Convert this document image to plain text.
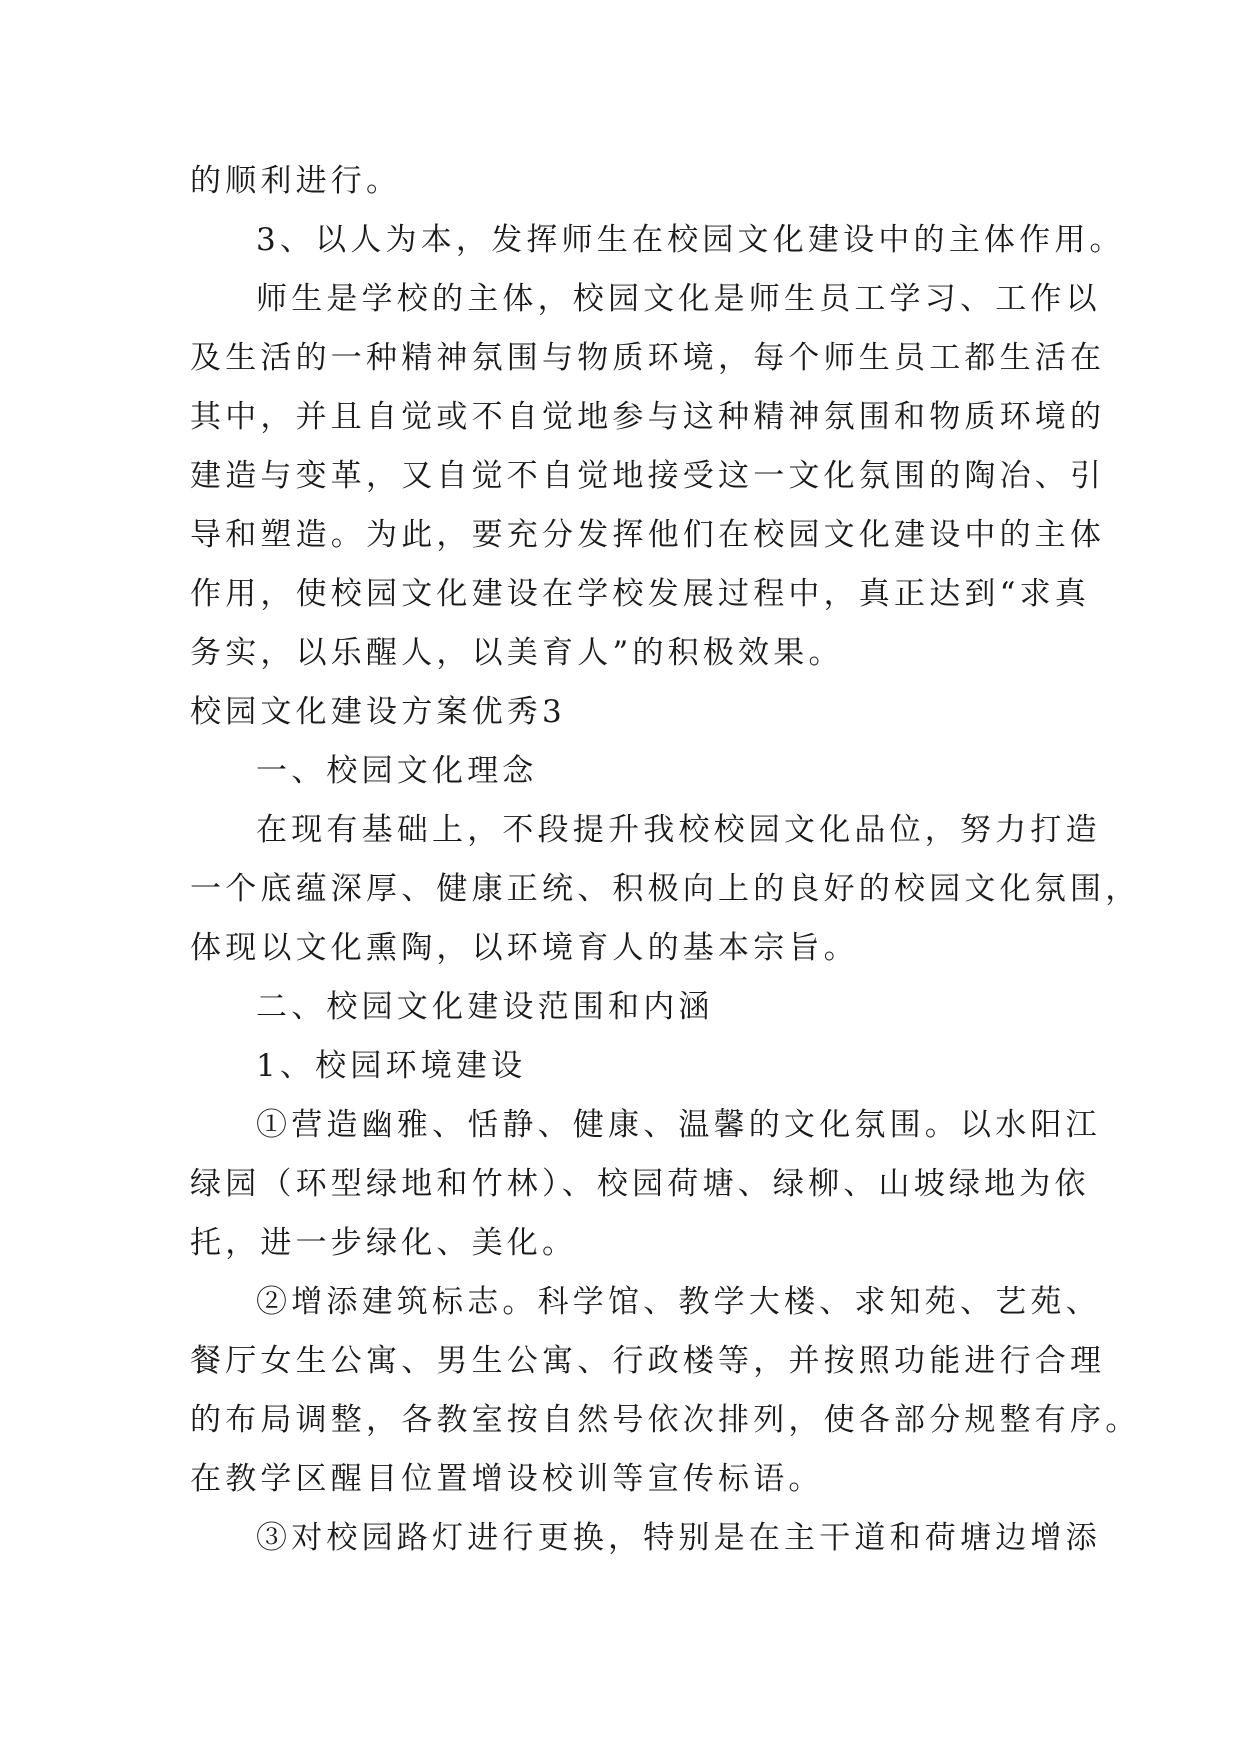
的顺利进行。
3、以人为本，发挥师生在校园文化建设中的主体作用。
师生是学校的主体，校园文化是师生员工学习、工作以
及生活的一种精神氛围与物质环境，每个师生员工都生活在
其中，并且自觉或不自觉地参与这种精神氛围和物质环境的
建造与变革，又自觉不自觉地接受这一文化氛围的陶冶、引
导和塑造。为此，要充分发挥他们在校园文化建设中的主体
作用，使校园文化建设在学校发展过程中，真正达到“求真
务实，以乐醒人，以美育人”的积极效果。
校园文化建设方案优秀3
一、校园文化理念
在现有基础上，不段提升我校校园文化品位，努力打造
一个底蕴深厚、健康正统、积极向上的良好的校园文化氛围，
体现以文化熏陶，以环境育人的基本宗旨。
二、校园文化建设范围和内涵
1、校园环境建设
①营造幽雅、恬静、健康、温馨的文化氛围。以水阳江
绿园（环型绿地和竹林）、校园荷塘、绿柳、山坡绿地为依
托，进一步绿化、美化。
②增添建筑标志。科学馆、教学大楼、求知苑、艺苑、
餐厅女生公寓、男生公寓、行政楼等，并按照功能进行合理
的布局调整，各教室按自然号依次排列，使各部分规整有序。
在教学区醒目位置增设校训等宣传标语。
③对校园路灯进行更换，特别是在主干道和荷塘边增添
